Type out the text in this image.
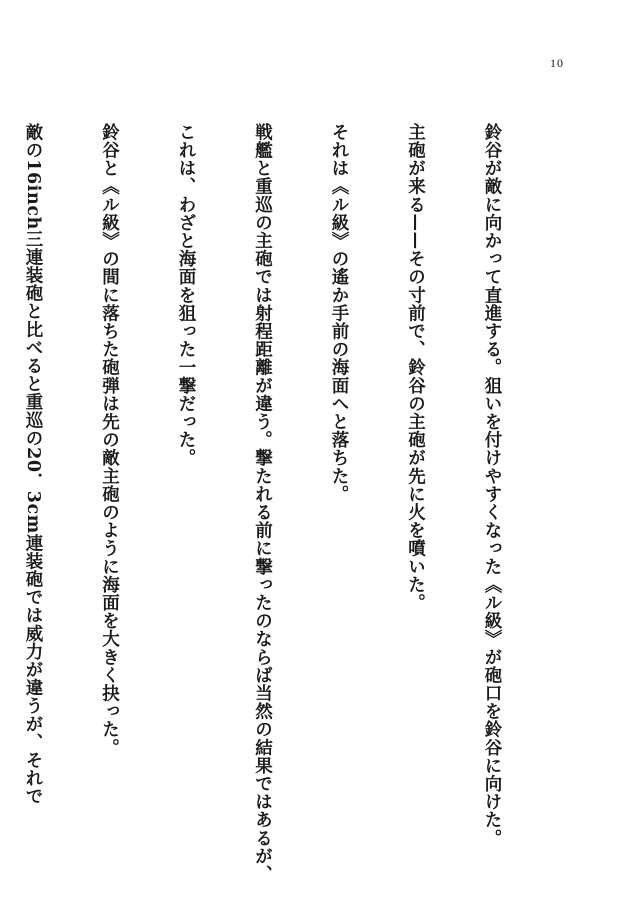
10

鈴谷が敵に向かって直進する。狙いを付けやすくなった《ル級》が砲口を鈴谷に向けた。

主砲が来る——その寸前で、鈴谷の主砲が先に火を噴いた。

それは《ル級》の遙か手前の海面へと落ちた。

戦艦と重巡の主砲では射程距離が違う。撃たれる前に撃ったのならば当然の結果ではあるが、

これは、わざと海面を狙った一撃だった。

鈴谷と《ル級》の間に落ちた砲弾は先の敵主砲のように海面を大きく抉った。

敵の16inch三連装砲と比べると重巡の20．3cm連装砲では威力が違うが、それで
